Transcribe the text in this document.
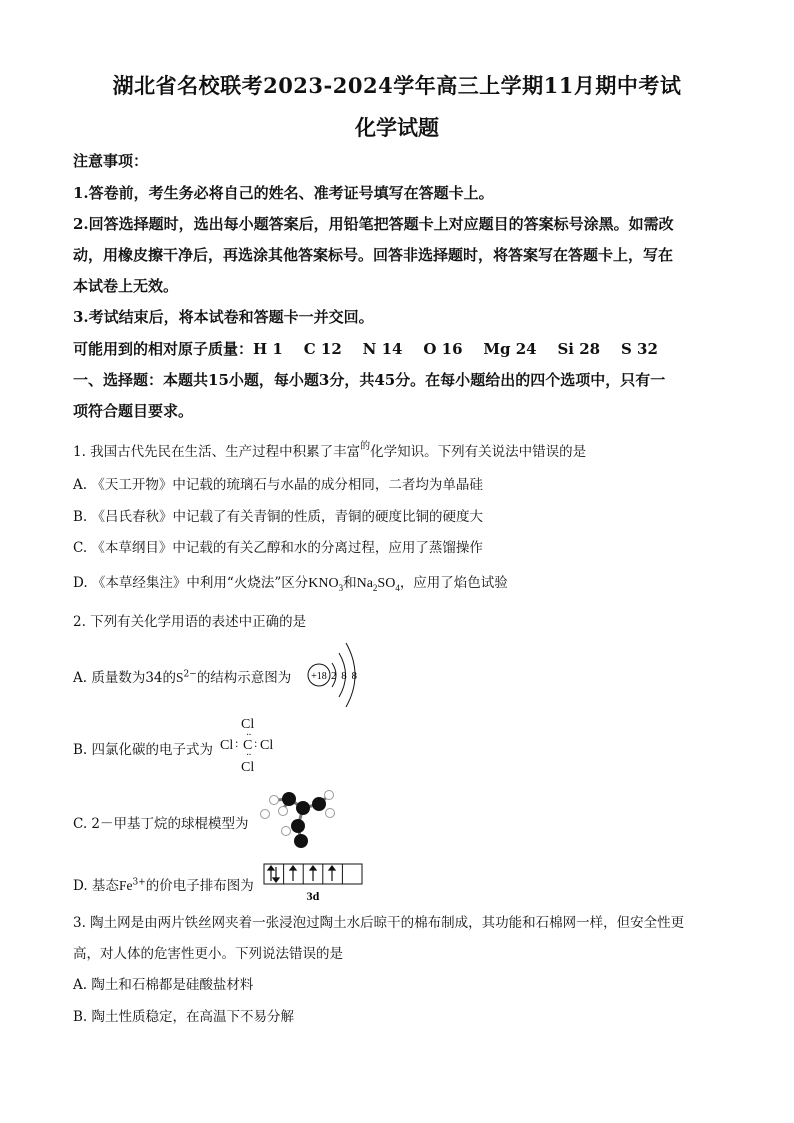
湖北省名校联考2023-2024学年高三上学期11月期中考试
化学试题
注意事项：
1.答卷前，考生务必将自己的姓名、准考证号填写在答题卡上。
2.回答选择题时，选出每小题答案后，用铅笔把答题卡上对应题目的答案标号涂黑。如需改
动，用橡皮擦干净后，再选涂其他答案标号。回答非选择题时，将答案写在答题卡上，写在
本试卷上无效。
3.考试结束后，将本试卷和答题卡一并交回。
可能用到的相对原子质量：H 1    C 12    N 14    O 16    Mg 24    Si 28    S 32
一、选择题：本题共15小题，每小题3分，共45分。在每小题给出的四个选项中，只有一
项符合题目要求。
1. 我国古代先民在生活、生产过程中积累了丰富$^的$化学知识。下列有关说法中错误的是
A. 《天工开物》中记载的琉璃石与水晶的成分相同，二者均为单晶硅
B. 《吕氏春秋》中记载了有关青铜的性质，青铜的硬度比铜的硬度大
C. 《本草纲目》中记载的有关乙醇和水的分离过程，应用了蒸馏操作
D. 《本草经集注》中利用“火烧法”区分$KNO_3$和$Na_2SO_4$，应用了焰色试验
2. 下列有关化学用语的表述中正确的是
A. 质量数为34的$S^{2-}$的结构示意图为	+18 2 8 8
B. 四氯化碳的电子式为
Cl
··
Cl : C : Cl
··
Cl
C. 2－甲基丁烷的球棍模型为
D. 基态$Fe^{3+}$的价电子排布图为
3d
3. 陶土网是由两片铁丝网夹着一张浸泡过陶土水后晾干的棉布制成，其功能和石棉网一样，但安全性更
高，对人体的危害性更小。下列说法错误的是
A. 陶土和石棉都是硅酸盐材料
B. 陶土性质稳定，在高温下不易分解
